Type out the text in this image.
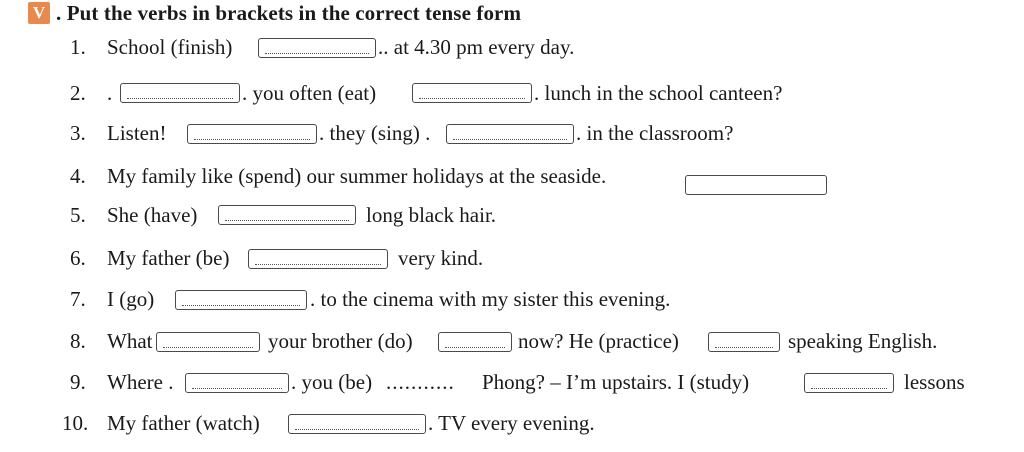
V . Put the verbs in brackets in the correct tense form
1. School (finish)	.. at 4.30 pm every day.
2. .	. you often (eat)	. lunch in the school canteen?
3. Listen!	. they (sing) .	. in the classroom?
4. My family like (spend) our summer holidays at the seaside.
5. She (have)	long black hair.
6. My father (be)	very kind.
7. I (go)	. to the cinema with my sister this evening.
8. What	your brother (do)	now? He (practice)	speaking English.
9. Where .	. you (be) ........... Phong? – I’m upstairs. I (study)	lessons
10. My father (watch)	. TV every evening.
